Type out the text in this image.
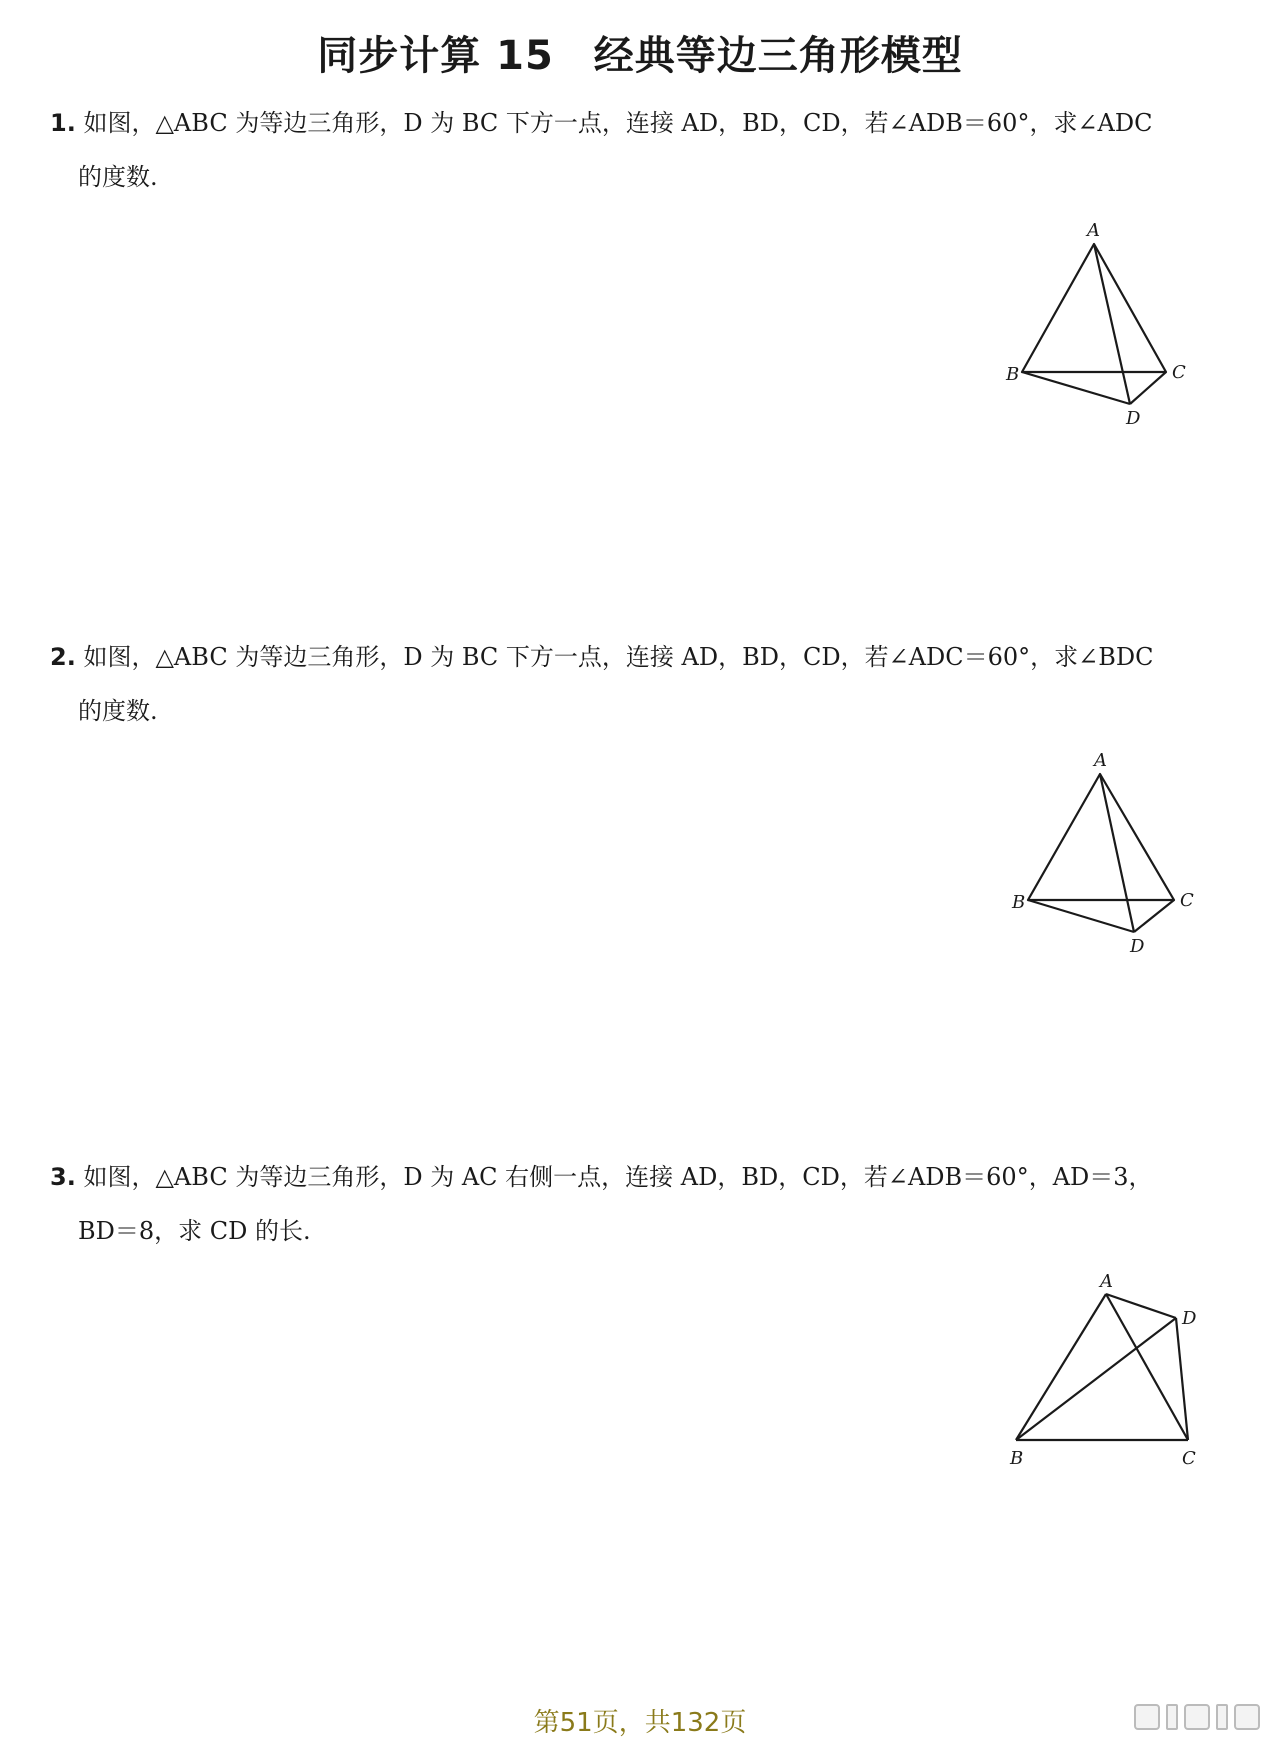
同步计算 15 经典等边三角形模型
1. 如图，△ABC 为等边三角形，D 为 BC 下方一点，连接 AD，BD，CD，若∠ADB＝60°，求∠ADC
的度数.
A
B	C
D
2. 如图，△ABC 为等边三角形，D 为 BC 下方一点，连接 AD，BD，CD，若∠ADC＝60°，求∠BDC
的度数.
A
B	C
D
3. 如图，△ABC 为等边三角形，D 为 AC 右侧一点，连接 AD，BD，CD，若∠ADB＝60°，AD＝3，
BD＝8，求 CD 的长.
A
B	C
D
第51页，共132页
